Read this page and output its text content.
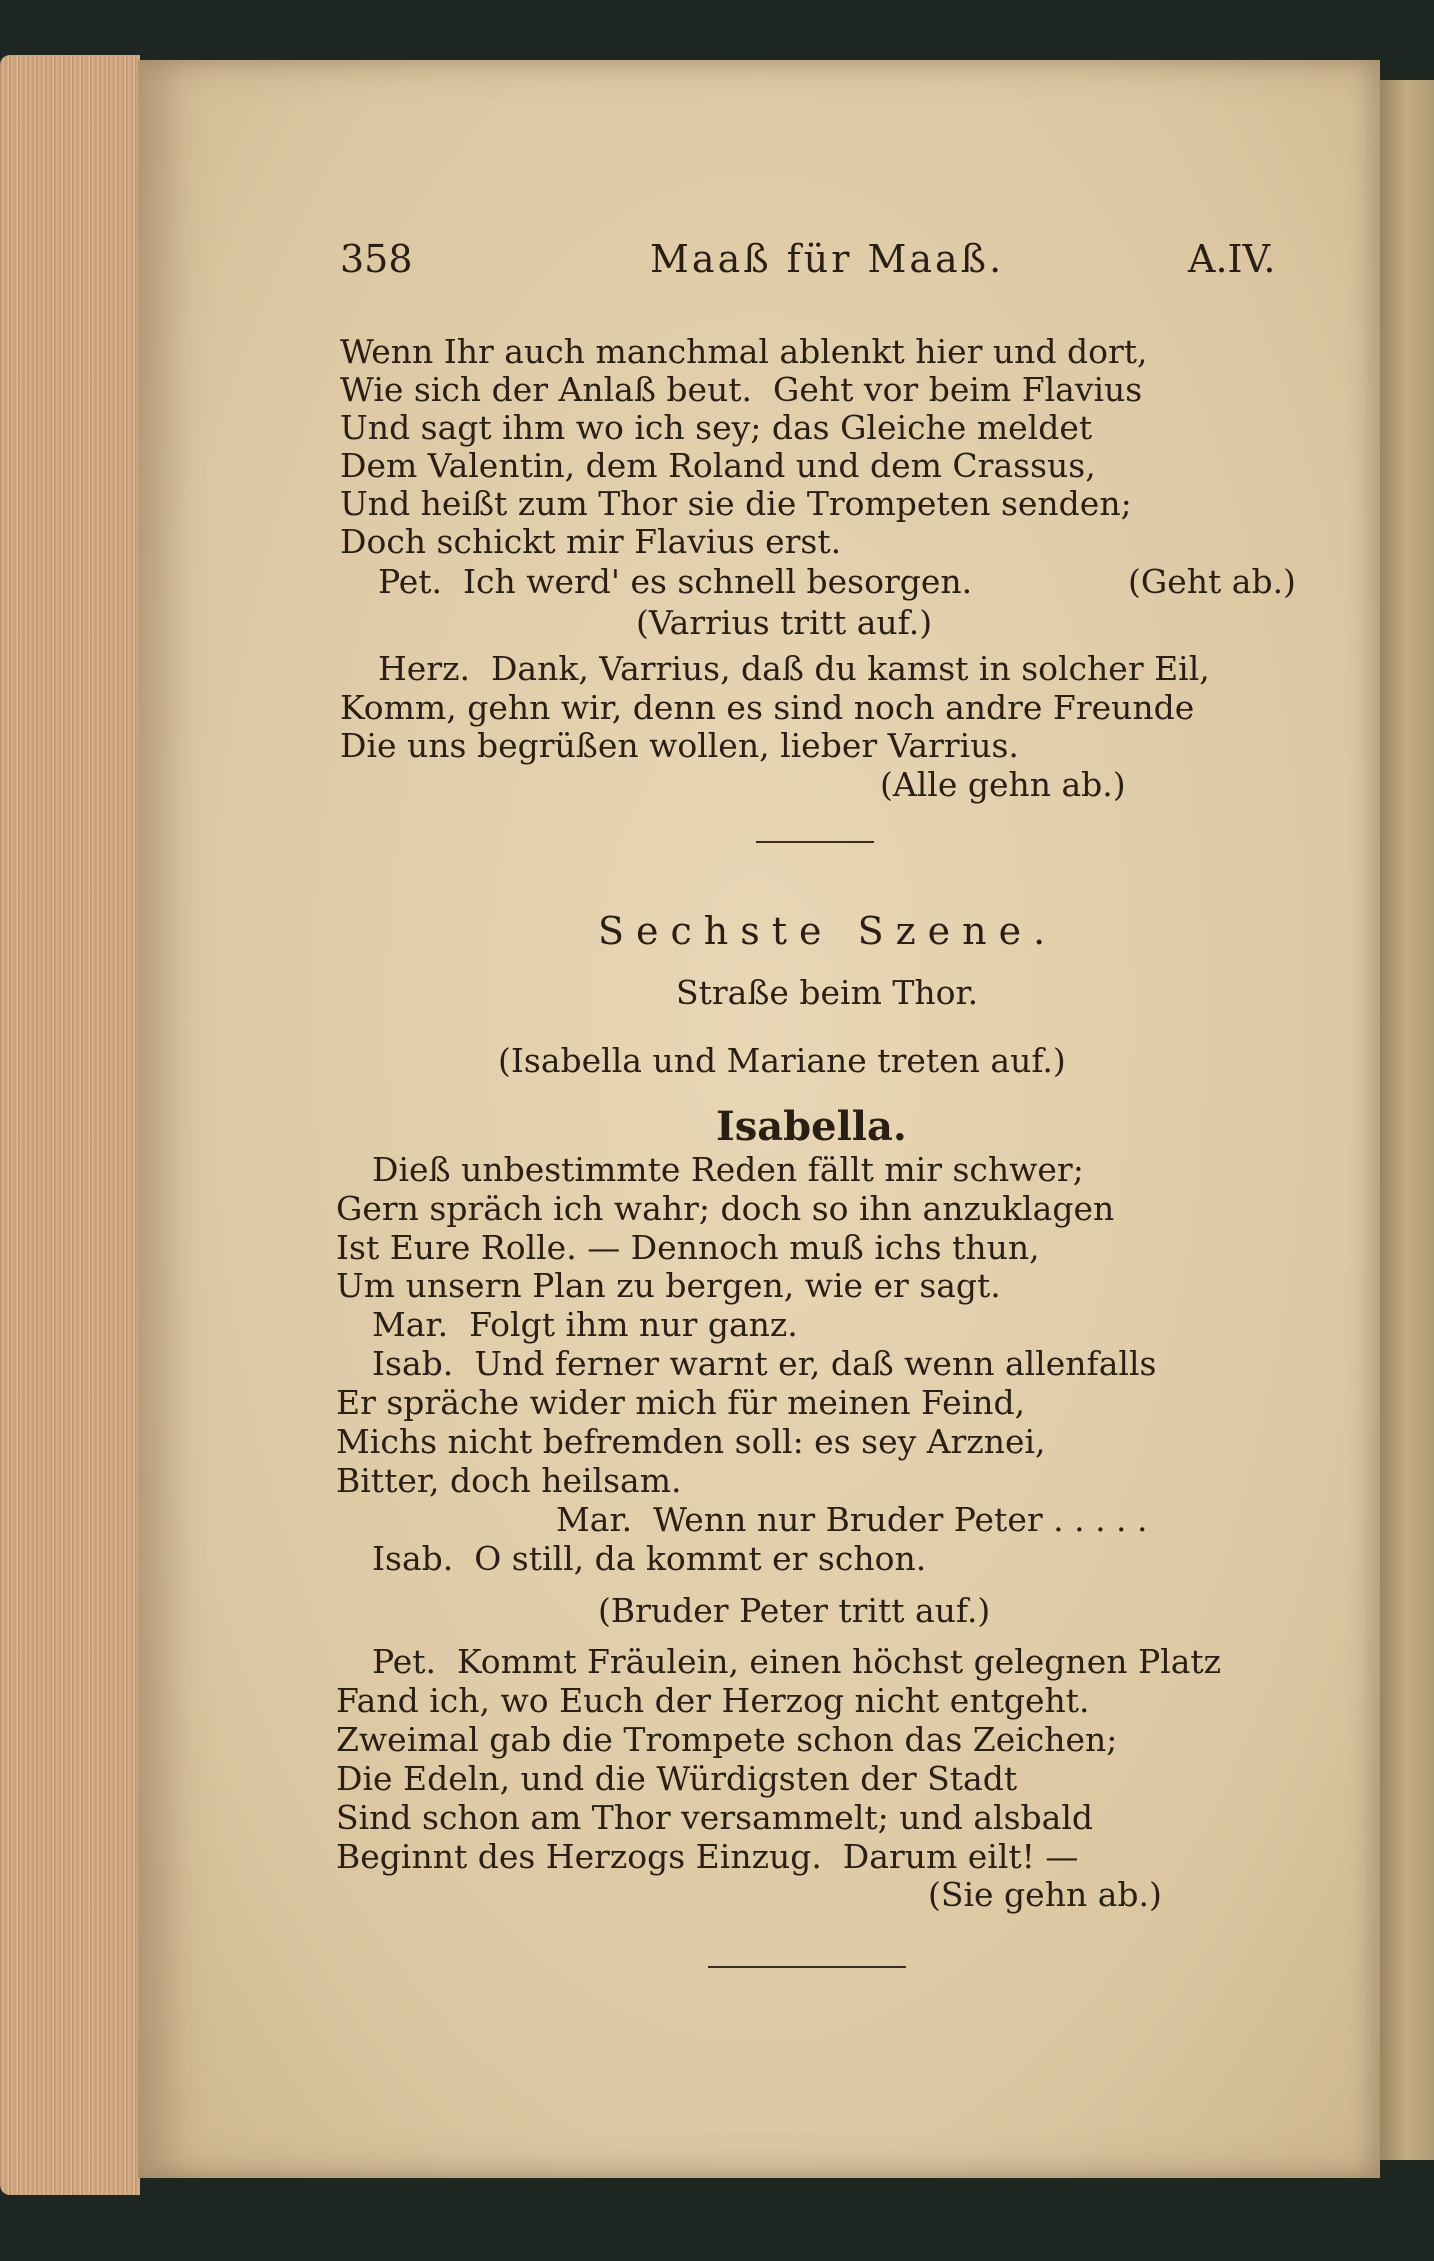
358	Maaß für Maaß.	A.IV.
Wenn Ihr auch manchmal ablenkt hier und dort,
Wie sich der Anlaß beut.  Geht vor beim Flavius
Und sagt ihm wo ich sey; das Gleiche meldet
Dem Valentin, dem Roland und dem Crassus,
Und heißt zum Thor sie die Trompeten senden;
Doch schickt mir Flavius erst.
Pet.  Ich werd' es schnell besorgen.	(Geht ab.)
(Varrius tritt auf.)
Herz.  Dank, Varrius, daß du kamst in solcher Eil,
Komm, gehn wir, denn es sind noch andre Freunde
Die uns begrüßen wollen, lieber Varrius.
(Alle gehn ab.)
Sechste Szene.
Straße beim Thor.
(Isabella und Mariane treten auf.)
Isabella.
Dieß unbestimmte Reden fällt mir schwer;
Gern spräch ich wahr; doch so ihn anzuklagen
Ist Eure Rolle. — Dennoch muß ichs thun,
Um unsern Plan zu bergen, wie er sagt.
Mar.  Folgt ihm nur ganz.
Isab.  Und ferner warnt er, daß wenn allenfalls
Er spräche wider mich für meinen Feind,
Michs nicht befremden soll: es sey Arznei,
Bitter, doch heilsam.
Mar.  Wenn nur Bruder Peter . . . . .
Isab.  O still, da kommt er schon.
(Bruder Peter tritt auf.)
Pet.  Kommt Fräulein, einen höchst gelegnen Platz
Fand ich, wo Euch der Herzog nicht entgeht.
Zweimal gab die Trompete schon das Zeichen;
Die Edeln, und die Würdigsten der Stadt
Sind schon am Thor versammelt; und alsbald
Beginnt des Herzogs Einzug.  Darum eilt! —
(Sie gehn ab.)
